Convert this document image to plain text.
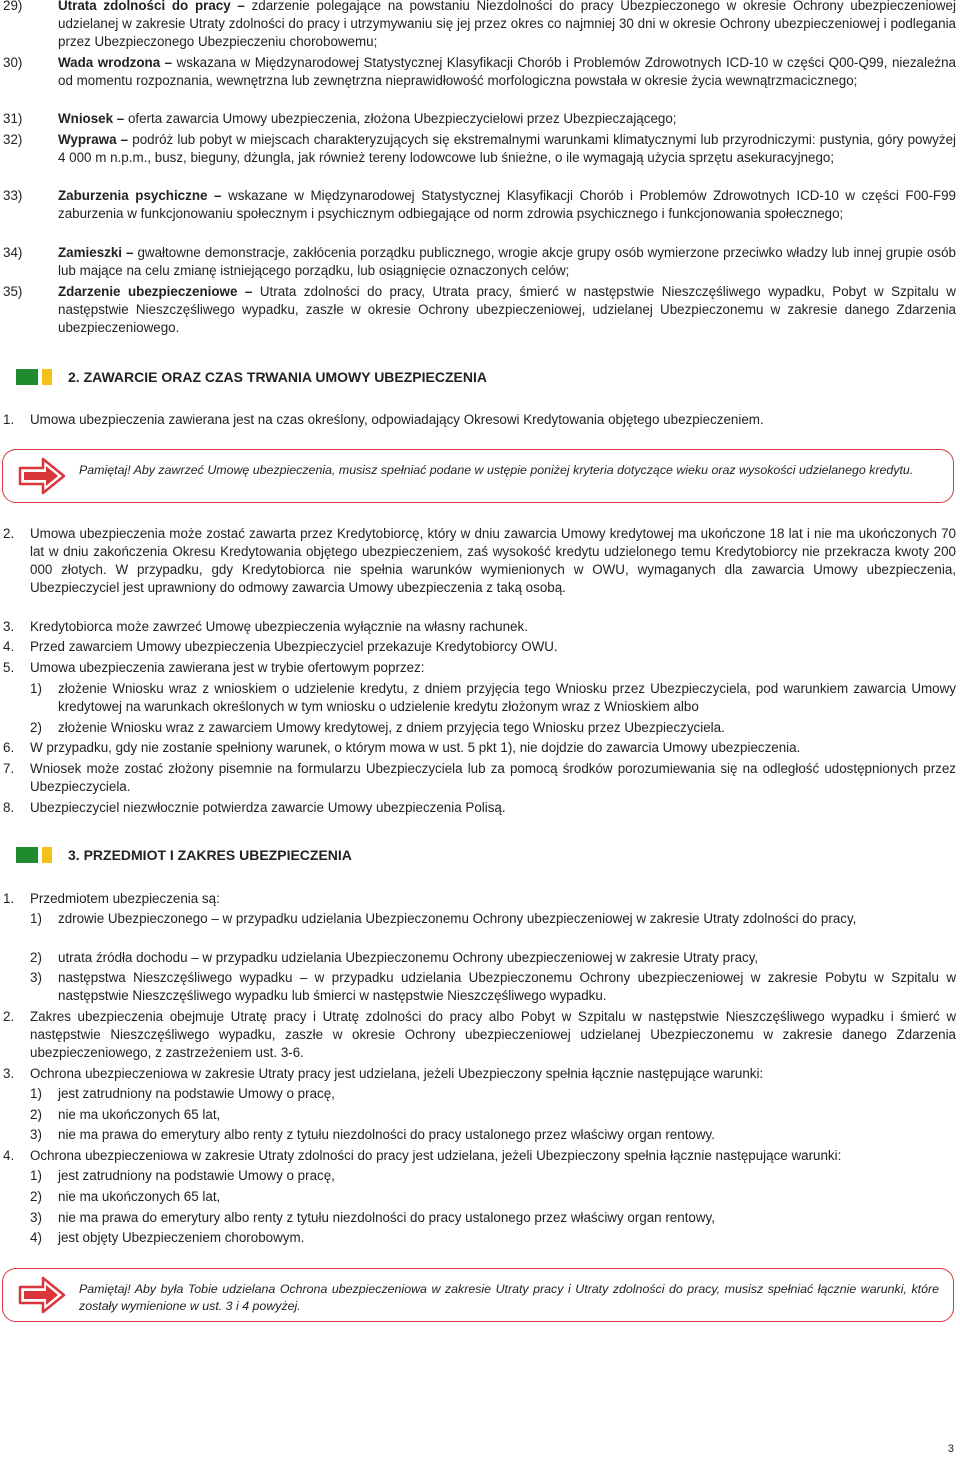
29)	Utrata zdolności do pracy – zdarzenie polegające na powstaniu Niezdolności do pracy Ubezpieczonego w okresie Ochrony ubezpieczeniowej udzielanej w zakresie Utraty zdolności do pracy i utrzymywaniu się jej przez okres co najmniej 30 dni w okresie Ochrony ubezpieczeniowej i podlegania przez Ubezpieczonego Ubezpieczeniu chorobowemu;

30)	Wada wrodzona – wskazana w Międzynarodowej Statystycznej Klasyfikacji Chorób i Problemów Zdrowotnych ICD-10 w części Q00-Q99, niezależna od momentu rozpoznania, wewnętrzna lub zewnętrzna nieprawidłowość morfologiczna powstała w okresie życia wewnątrzmacicznego;

31)	Wniosek – oferta zawarcia Umowy ubezpieczenia, złożona Ubezpieczycielowi przez Ubezpieczającego;

32)	Wyprawa – podróż lub pobyt w miejscach charakteryzujących się ekstremalnymi warunkami klimatycznymi lub przyrodniczymi: pustynia, góry powyżej 4 000 m n.p.m., busz, bieguny, dżungla, jak również tereny lodowcowe lub śnieżne, o ile wymagają użycia sprzętu asekuracyjnego;

33)	Zaburzenia psychiczne – wskazane w Międzynarodowej Statystycznej Klasyfikacji Chorób i Problemów Zdrowotnych ICD-10 w części F00-F99 zaburzenia w funkcjonowaniu społecznym i psychicznym odbiegające od norm zdrowia psychicznego i funkcjonowania społecznego;

34)	Zamieszki – gwałtowne demonstracje, zakłócenia porządku publicznego, wrogie akcje grupy osób wymierzone przeciwko władzy lub innej grupie osób lub mające na celu zmianę istniejącego porządku, lub osiągnięcie oznaczonych celów;

35)	Zdarzenie ubezpieczeniowe – Utrata zdolności do pracy, Utrata pracy, śmierć w następstwie Nieszczęśliwego wypadku, Pobyt w Szpitalu w następstwie Nieszczęśliwego wypadku, zaszłe w okresie Ochrony ubezpieczeniowej, udzielanej Ubezpieczonemu w zakresie danego Zdarzenia ubezpieczeniowego.

2. ZAWARCIE ORAZ CZAS TRWANIA UMOWY UBEZPIECZENIA
1. Umowa ubezpieczenia zawierana jest na czas określony, odpowiadający Okresowi Kredytowania objętego ubezpieczeniem.

Pamiętaj! Aby zawrzeć Umowę ubezpieczenia, musisz spełniać podane w ustępie poniżej kryteria dotyczące wieku oraz wysokości udzielanego kredytu.
2. Umowa ubezpieczenia może zostać zawarta przez Kredytobiorcę, który w dniu zawarcia Umowy kredytowej ma ukończone 18 lat i nie ma ukończonych 70 lat w dniu zakończenia Okresu Kredytowania objętego ubezpieczeniem, zaś wysokość kredytu udzielonego temu Kredytobiorcy nie przekracza kwoty 200 000 złotych. W przypadku, gdy Kredytobiorca nie spełnia warunków wymienionych w OWU, wymaganych dla zawarcia Umowy ubezpieczenia, Ubezpieczyciel jest uprawniony do odmowy zawarcia Umowy ubezpieczenia z taką osobą.

3. Kredytobiorca może zawrzeć Umowę ubezpieczenia wyłącznie na własny rachunek.

4. Przed zawarciem Umowy ubezpieczenia Ubezpieczyciel przekazuje Kredytobiorcy OWU.

5. Umowa ubezpieczenia zawierana jest w trybie ofertowym poprzez:

1) złożenie Wniosku wraz z wnioskiem o udzielenie kredytu, z dniem przyjęcia tego Wniosku przez Ubezpieczyciela, pod warunkiem zawarcia Umowy kredytowej na warunkach określonych w tym wniosku o udzielenie kredytu złożonym wraz z Wnioskiem albo

2) złożenie Wniosku wraz z zawarciem Umowy kredytowej, z dniem przyjęcia tego Wniosku przez Ubezpieczyciela.

6. W przypadku, gdy nie zostanie spełniony warunek, o którym mowa w ust. 5 pkt 1), nie dojdzie do zawarcia Umowy ubezpieczenia.

7. Wniosek może zostać złożony pisemnie na formularzu Ubezpieczyciela lub za pomocą środków porozumiewania się na odległość udostępnionych przez Ubezpieczyciela.

8. Ubezpieczyciel niezwłocznie potwierdza zawarcie Umowy ubezpieczenia Polisą.

3. PRZEDMIOT I ZAKRES UBEZPIECZENIA
1. Przedmiotem ubezpieczenia są:

1) zdrowie Ubezpieczonego – w przypadku udzielania Ubezpieczonemu Ochrony ubezpieczeniowej w zakresie Utraty zdolności do pracy,

2) utrata źródła dochodu – w przypadku udzielania Ubezpieczonemu Ochrony ubezpieczeniowej w zakresie Utraty pracy,

3) następstwa Nieszczęśliwego wypadku – w przypadku udzielania Ubezpieczonemu Ochrony ubezpieczeniowej w zakresie Pobytu w Szpitalu w następstwie Nieszczęśliwego wypadku lub śmierci w następstwie Nieszczęśliwego wypadku.

2. Zakres ubezpieczenia obejmuje Utratę pracy i Utratę zdolności do pracy albo Pobyt w Szpitalu w następstwie Nieszczęśliwego wypadku i śmierć w następstwie Nieszczęśliwego wypadku, zaszłe w okresie Ochrony ubezpieczeniowej udzielanej Ubezpieczonemu w zakresie danego Zdarzenia ubezpieczeniowego, z zastrzeżeniem ust. 3-6.

3. Ochrona ubezpieczeniowa w zakresie Utraty pracy jest udzielana, jeżeli Ubezpieczony spełnia łącznie następujące warunki:

1) jest zatrudniony na podstawie Umowy o pracę,

2) nie ma ukończonych 65 lat,

3) nie ma prawa do emerytury albo renty z tytułu niezdolności do pracy ustalonego przez właściwy organ rentowy.

4. Ochrona ubezpieczeniowa w zakresie Utraty zdolności do pracy jest udzielana, jeżeli Ubezpieczony spełnia łącznie następujące warunki:

1) jest zatrudniony na podstawie Umowy o pracę,

2) nie ma ukończonych 65 lat,

3) nie ma prawa do emerytury albo renty z tytułu niezdolności do pracy ustalonego przez właściwy organ rentowy,

4) jest objęty Ubezpieczeniem chorobowym.

Pamiętaj! Aby była Tobie udzielana Ochrona ubezpieczeniowa w zakresie Utraty pracy i Utraty zdolności do pracy, musisz spełniać łącznie warunki, które zostały wymienione w ust. 3 i 4 powyżej.
3
